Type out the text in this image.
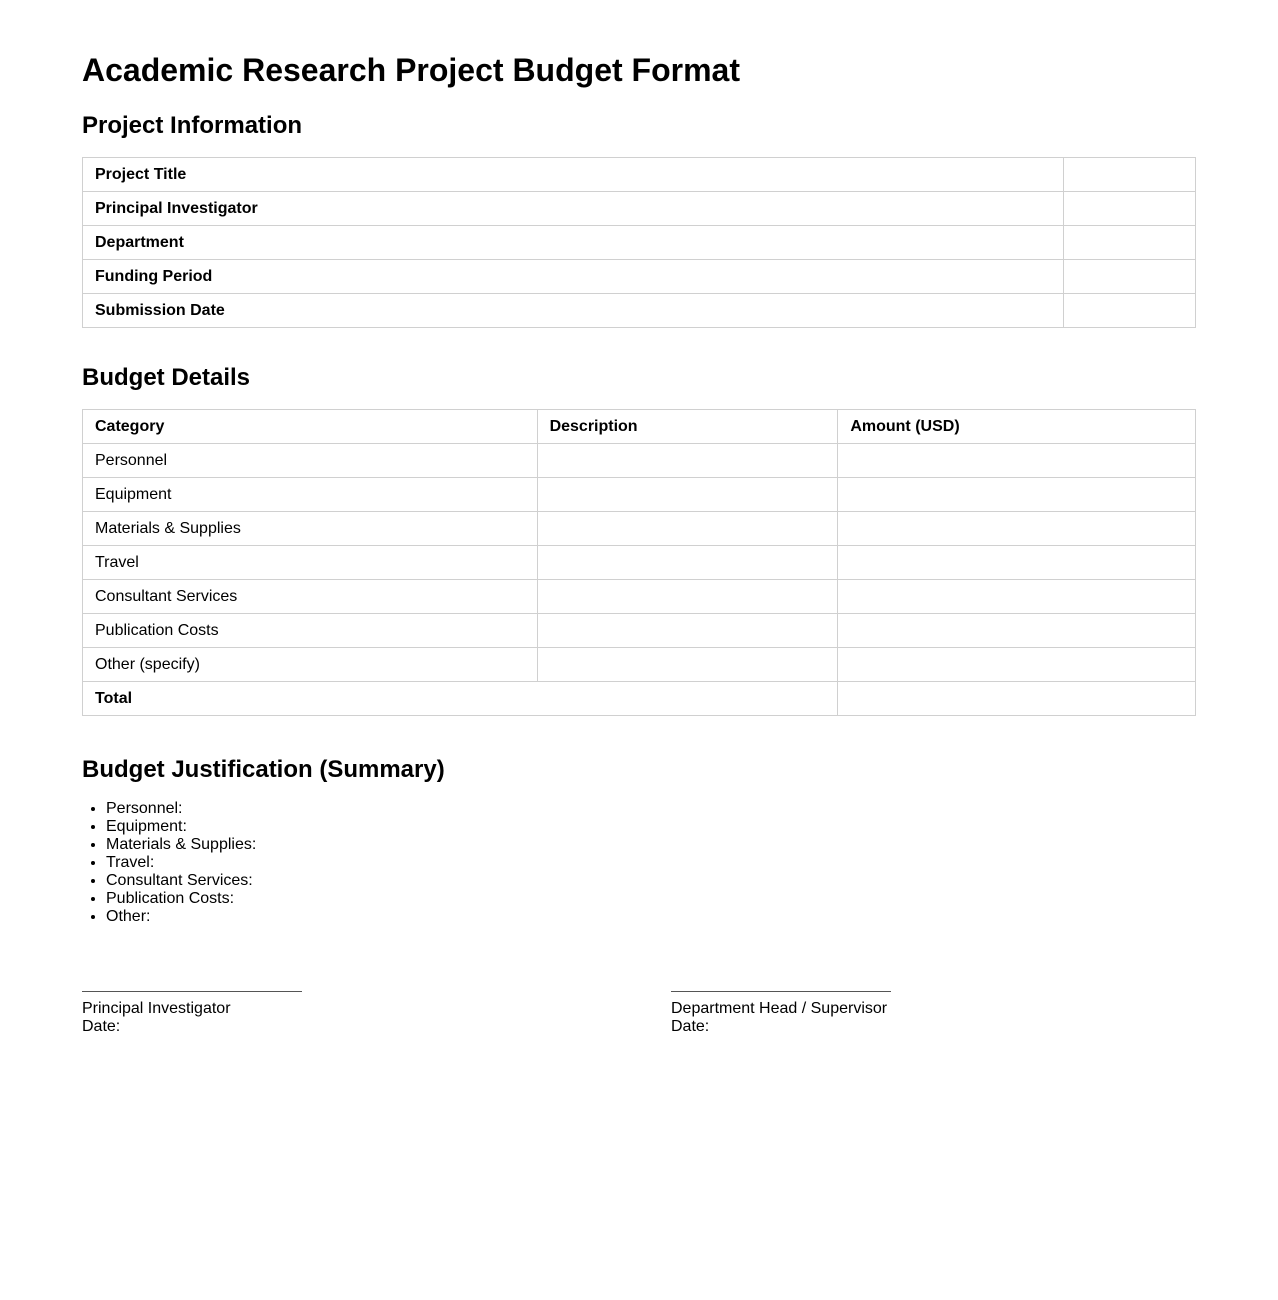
Academic Research Project Budget Format
Project Information
Project Title	
Principal Investigator	
Department	
Funding Period	
Submission Date	
Budget Details
Category	Description	Amount (USD)
Personnel		
Equipment		
Materials & Supplies		
Travel		
Consultant Services		
Publication Costs		
Other (specify)		
Total		
Budget Justification (Summary)
• Personnel:
• Equipment:
• Materials & Supplies:
• Travel:
• Consultant Services:
• Publication Costs:
• Other:
Principal Investigator
Date:
Department Head / Supervisor
Date:
